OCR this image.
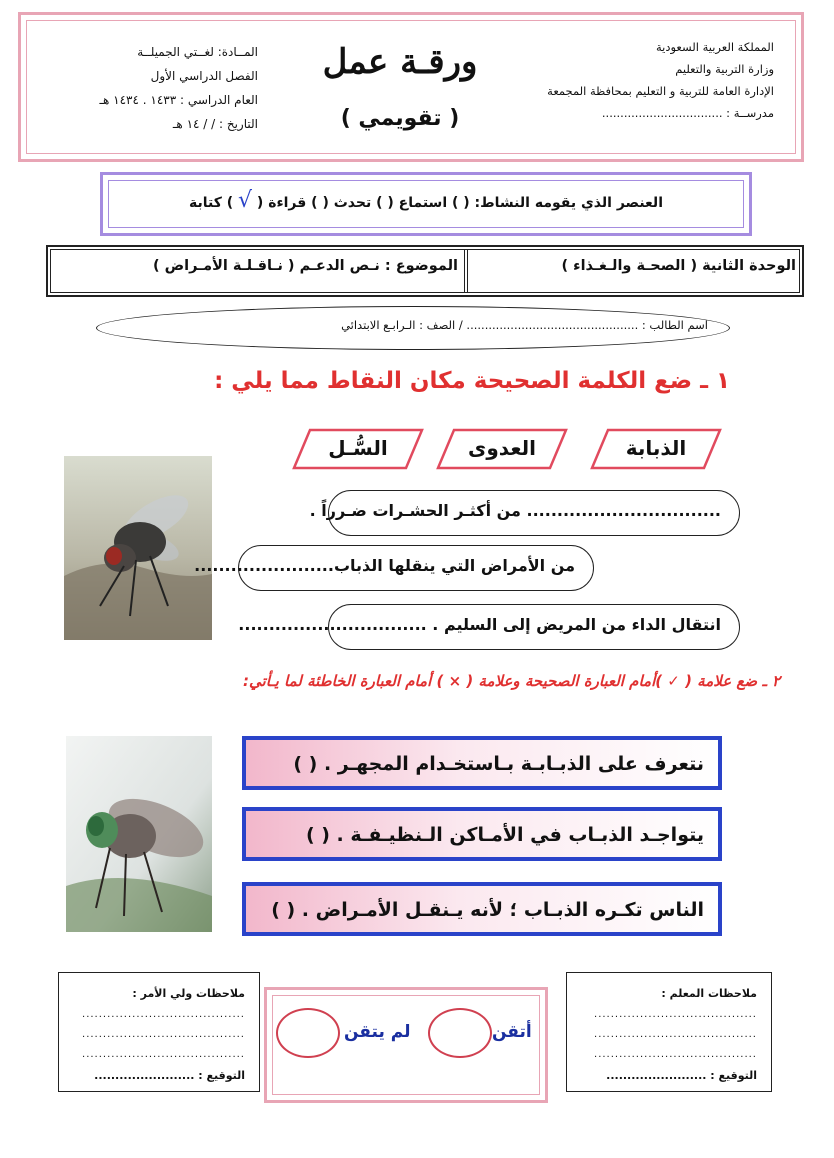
المملكة العربية السعودية
وزارة التربية والتعليم
الإدارة العامة للتربية و التعليم بمحافظة المجمعة
مدرســة : .................................
ورقـة عمل
( تقويمي )
المــادة: لغــتي الجميلــة
الفصل الدراسي الأول
العام الدراسي : ١٤٣٣ . ١٤٣٤ هـ
التاريخ : / / ١٤ هـ
العنصر الذي يقومه النشاط: ( ) استماع ( ) تحدث ( ) قراءة ( √ ) كتابة
الوحدة الثانية ( الصحـة والـغـذاء )
الموضوع : نـص الدعـم ( نـاقـلـة الأمـراض )
اسم الطالب : ............................................... / الصف : الـرابـع الابتدائي
١ ـ ضع الكلمة الصحيحة مكان النقاط مما يلي :
الذبابة
العدوى
السُّـل
................................ من أكثـر الحشـرات ضـرراً .
من الأمراض التي ينقلها الذباب.......................
انتقال الداء من المريض إلى السليم . ...............................
٢ ـ ضع علامة ( ✓ )أمام العبارة الصحيحة وعلامة ( × ) أمام العبارة الخاطئة لما يـأتي:
نتعرف على الذبـابـة بـاستخـدام المجهـر . ( )
يتواجـد الذبـاب في الأمـاكن الـنظيـفـة . ( )
الناس تكـره الذبـاب ؛ لأنه يـنقـل الأمـراض . ( )
ملاحظات المعلم :
.......................................
.......................................
.......................................
التوقيع : ........................
أتقن
لم يتقن
ملاحظات ولي الأمر :
.......................................
.......................................
.......................................
التوقيع : ........................
